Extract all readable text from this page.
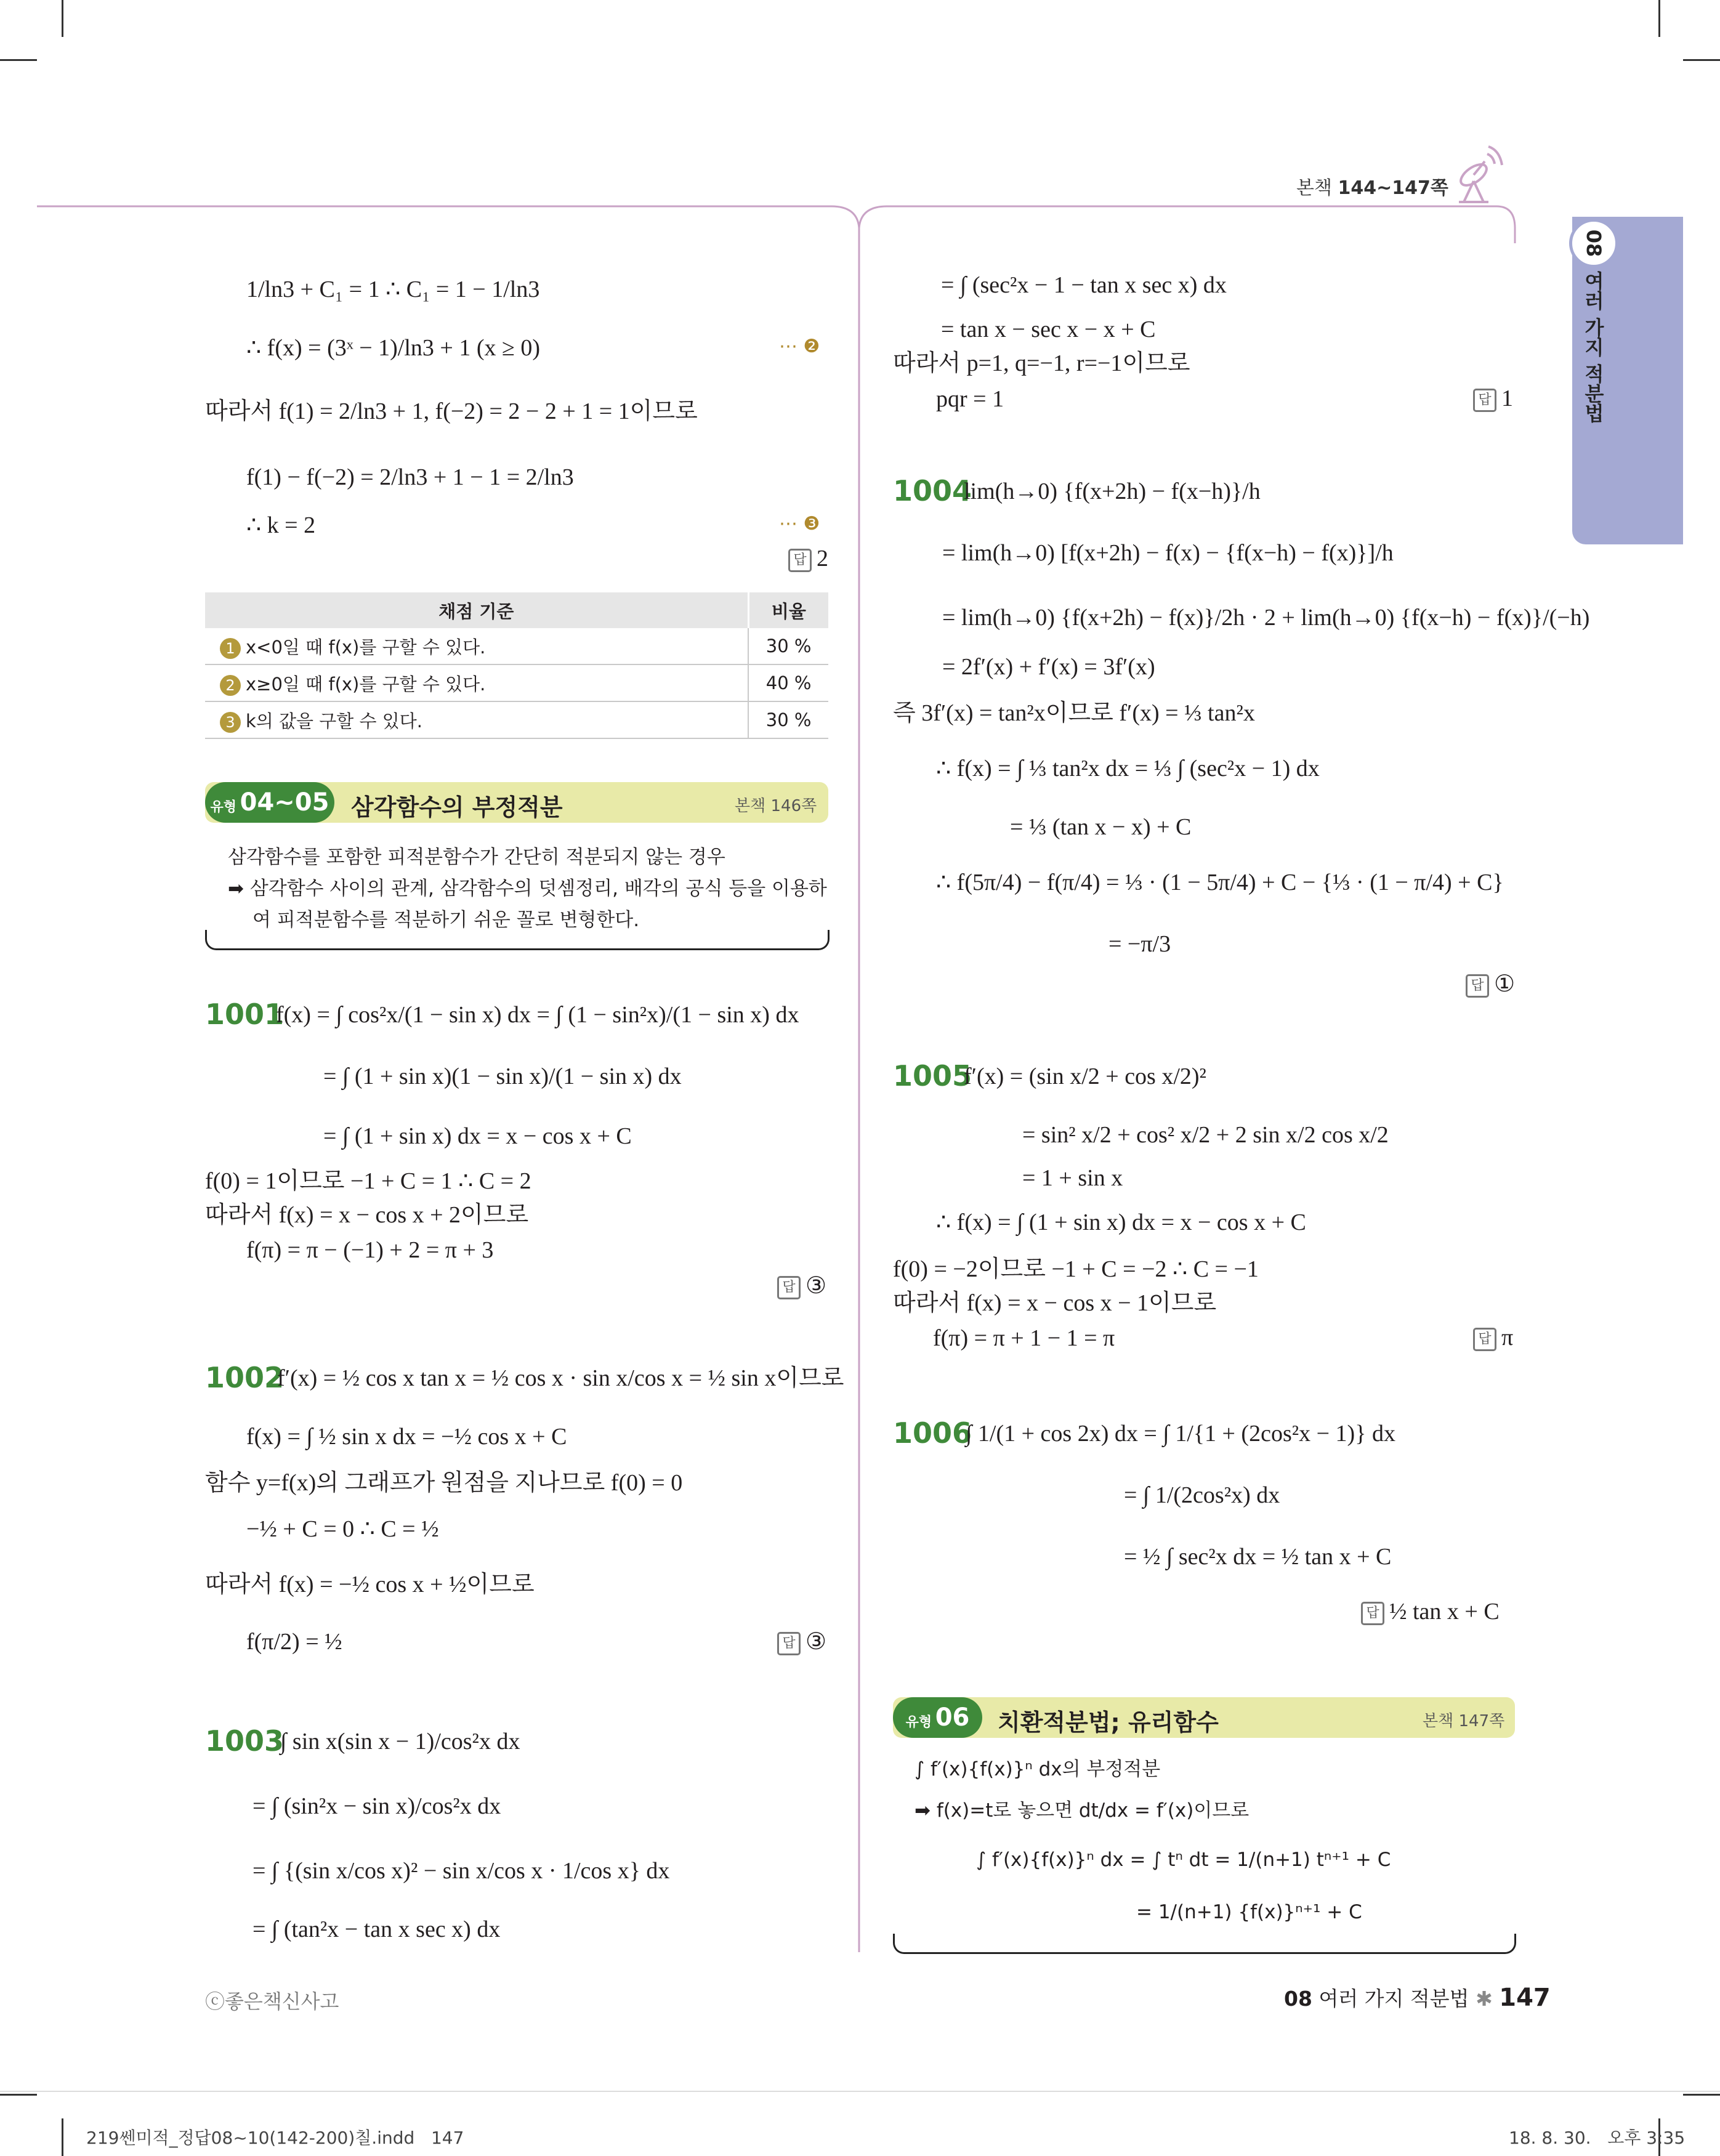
본책 144~147쪽
08
여러 가지 적분법
1/ln3 + C₁ = 1 ∴ C₁ = 1 − 1/ln3
∴ f(x) = (3ˣ − 1)/ln3 + 1 (x ≥ 0)	⋯ ❷
따라서 f(1) = 2/ln3 + 1, f(−2) = 2 − 2 + 1 = 1이므로
f(1) − f(−2) = 2/ln3 + 1 − 1 = 2/ln3
∴ k = 2	⋯ ❸
답 2
채점 기준	비율
1 x<0일 때 f(x)를 구할 수 있다.	30 %
2 x≥0일 때 f(x)를 구할 수 있다.	40 %
3 k의 값을 구할 수 있다.	30 %
유형 04~05 삼각함수의 부정적분	본책 146쪽
삼각함수를 포함한 피적분함수가 간단히 적분되지 않는 경우
➡ 삼각함수 사이의 관계, 삼각함수의 덧셈정리, 배각의 공식 등을 이용하
여 피적분함수를 적분하기 쉬운 꼴로 변형한다.
1001
f(x) = ∫ cos²x/(1 − sin x) dx = ∫ (1 − sin²x)/(1 − sin x) dx
= ∫ (1 + sin x)(1 − sin x)/(1 − sin x) dx
= ∫ (1 + sin x) dx = x − cos x + C
f(0) = 1이므로 −1 + C = 1 ∴ C = 2
따라서 f(x) = x − cos x + 2이므로
f(π) = π − (−1) + 2 = π + 3
답 ③
1002
f′(x) = ½ cos x tan x = ½ cos x · sin x/cos x = ½ sin x이므로
f(x) = ∫ ½ sin x dx = −½ cos x + C
함수 y=f(x)의 그래프가 원점을 지나므로 f(0) = 0
−½ + C = 0 ∴ C = ½
따라서 f(x) = −½ cos x + ½이므로
f(π/2) = ½	답 ③
1003
∫ sin x(sin x − 1)/cos²x dx
= ∫ (sin²x − sin x)/cos²x dx
= ∫ {(sin x/cos x)² − sin x/cos x · 1/cos x} dx
= ∫ (tan²x − tan x sec x) dx
ⓒ좋은책신사고
= ∫ (sec²x − 1 − tan x sec x) dx
= tan x − sec x − x + C
따라서 p=1, q=−1, r=−1이므로
pqr = 1	답 1
1004
lim(h→0) {f(x+2h) − f(x−h)}/h
= lim(h→0) [f(x+2h) − f(x) − {f(x−h) − f(x)}]/h
= lim(h→0) {f(x+2h) − f(x)}/2h · 2 + lim(h→0) {f(x−h) − f(x)}/(−h)
= 2f′(x) + f′(x) = 3f′(x)
즉 3f′(x) = tan²x이므로 f′(x) = ⅓ tan²x
∴ f(x) = ∫ ⅓ tan²x dx = ⅓ ∫ (sec²x − 1) dx
= ⅓ (tan x − x) + C
∴ f(5π/4) − f(π/4) = ⅓ · (1 − 5π/4) + C − {⅓ · (1 − π/4) + C}
= −π/3
답 ①
1005
f′(x) = (sin x/2 + cos x/2)²
= sin² x/2 + cos² x/2 + 2 sin x/2 cos x/2
= 1 + sin x
∴ f(x) = ∫ (1 + sin x) dx = x − cos x + C
f(0) = −2이므로 −1 + C = −2 ∴ C = −1
따라서 f(x) = x − cos x − 1이므로
f(π) = π + 1 − 1 = π	답 π
1006
∫ 1/(1 + cos 2x) dx = ∫ 1/{1 + (2cos²x − 1)} dx
= ∫ 1/(2cos²x) dx
= ½ ∫ sec²x dx = ½ tan x + C
답 ½ tan x + C
유형 06	치환적분법; 유리함수	본책 147쪽
∫ f′(x){f(x)}ⁿ dx의 부정적분
➡ f(x)=t로 놓으면 dt/dx = f′(x)이므로
∫ f′(x){f(x)}ⁿ dx = ∫ tⁿ dt = 1/(n+1) tⁿ⁺¹ + C
= 1/(n+1) {f(x)}ⁿ⁺¹ + C
08 여러 가지 적분법 ✱ 147
219쎈미적_정답08~10(142-200)칠.indd   147	18. 8. 30.   오후 3:35
